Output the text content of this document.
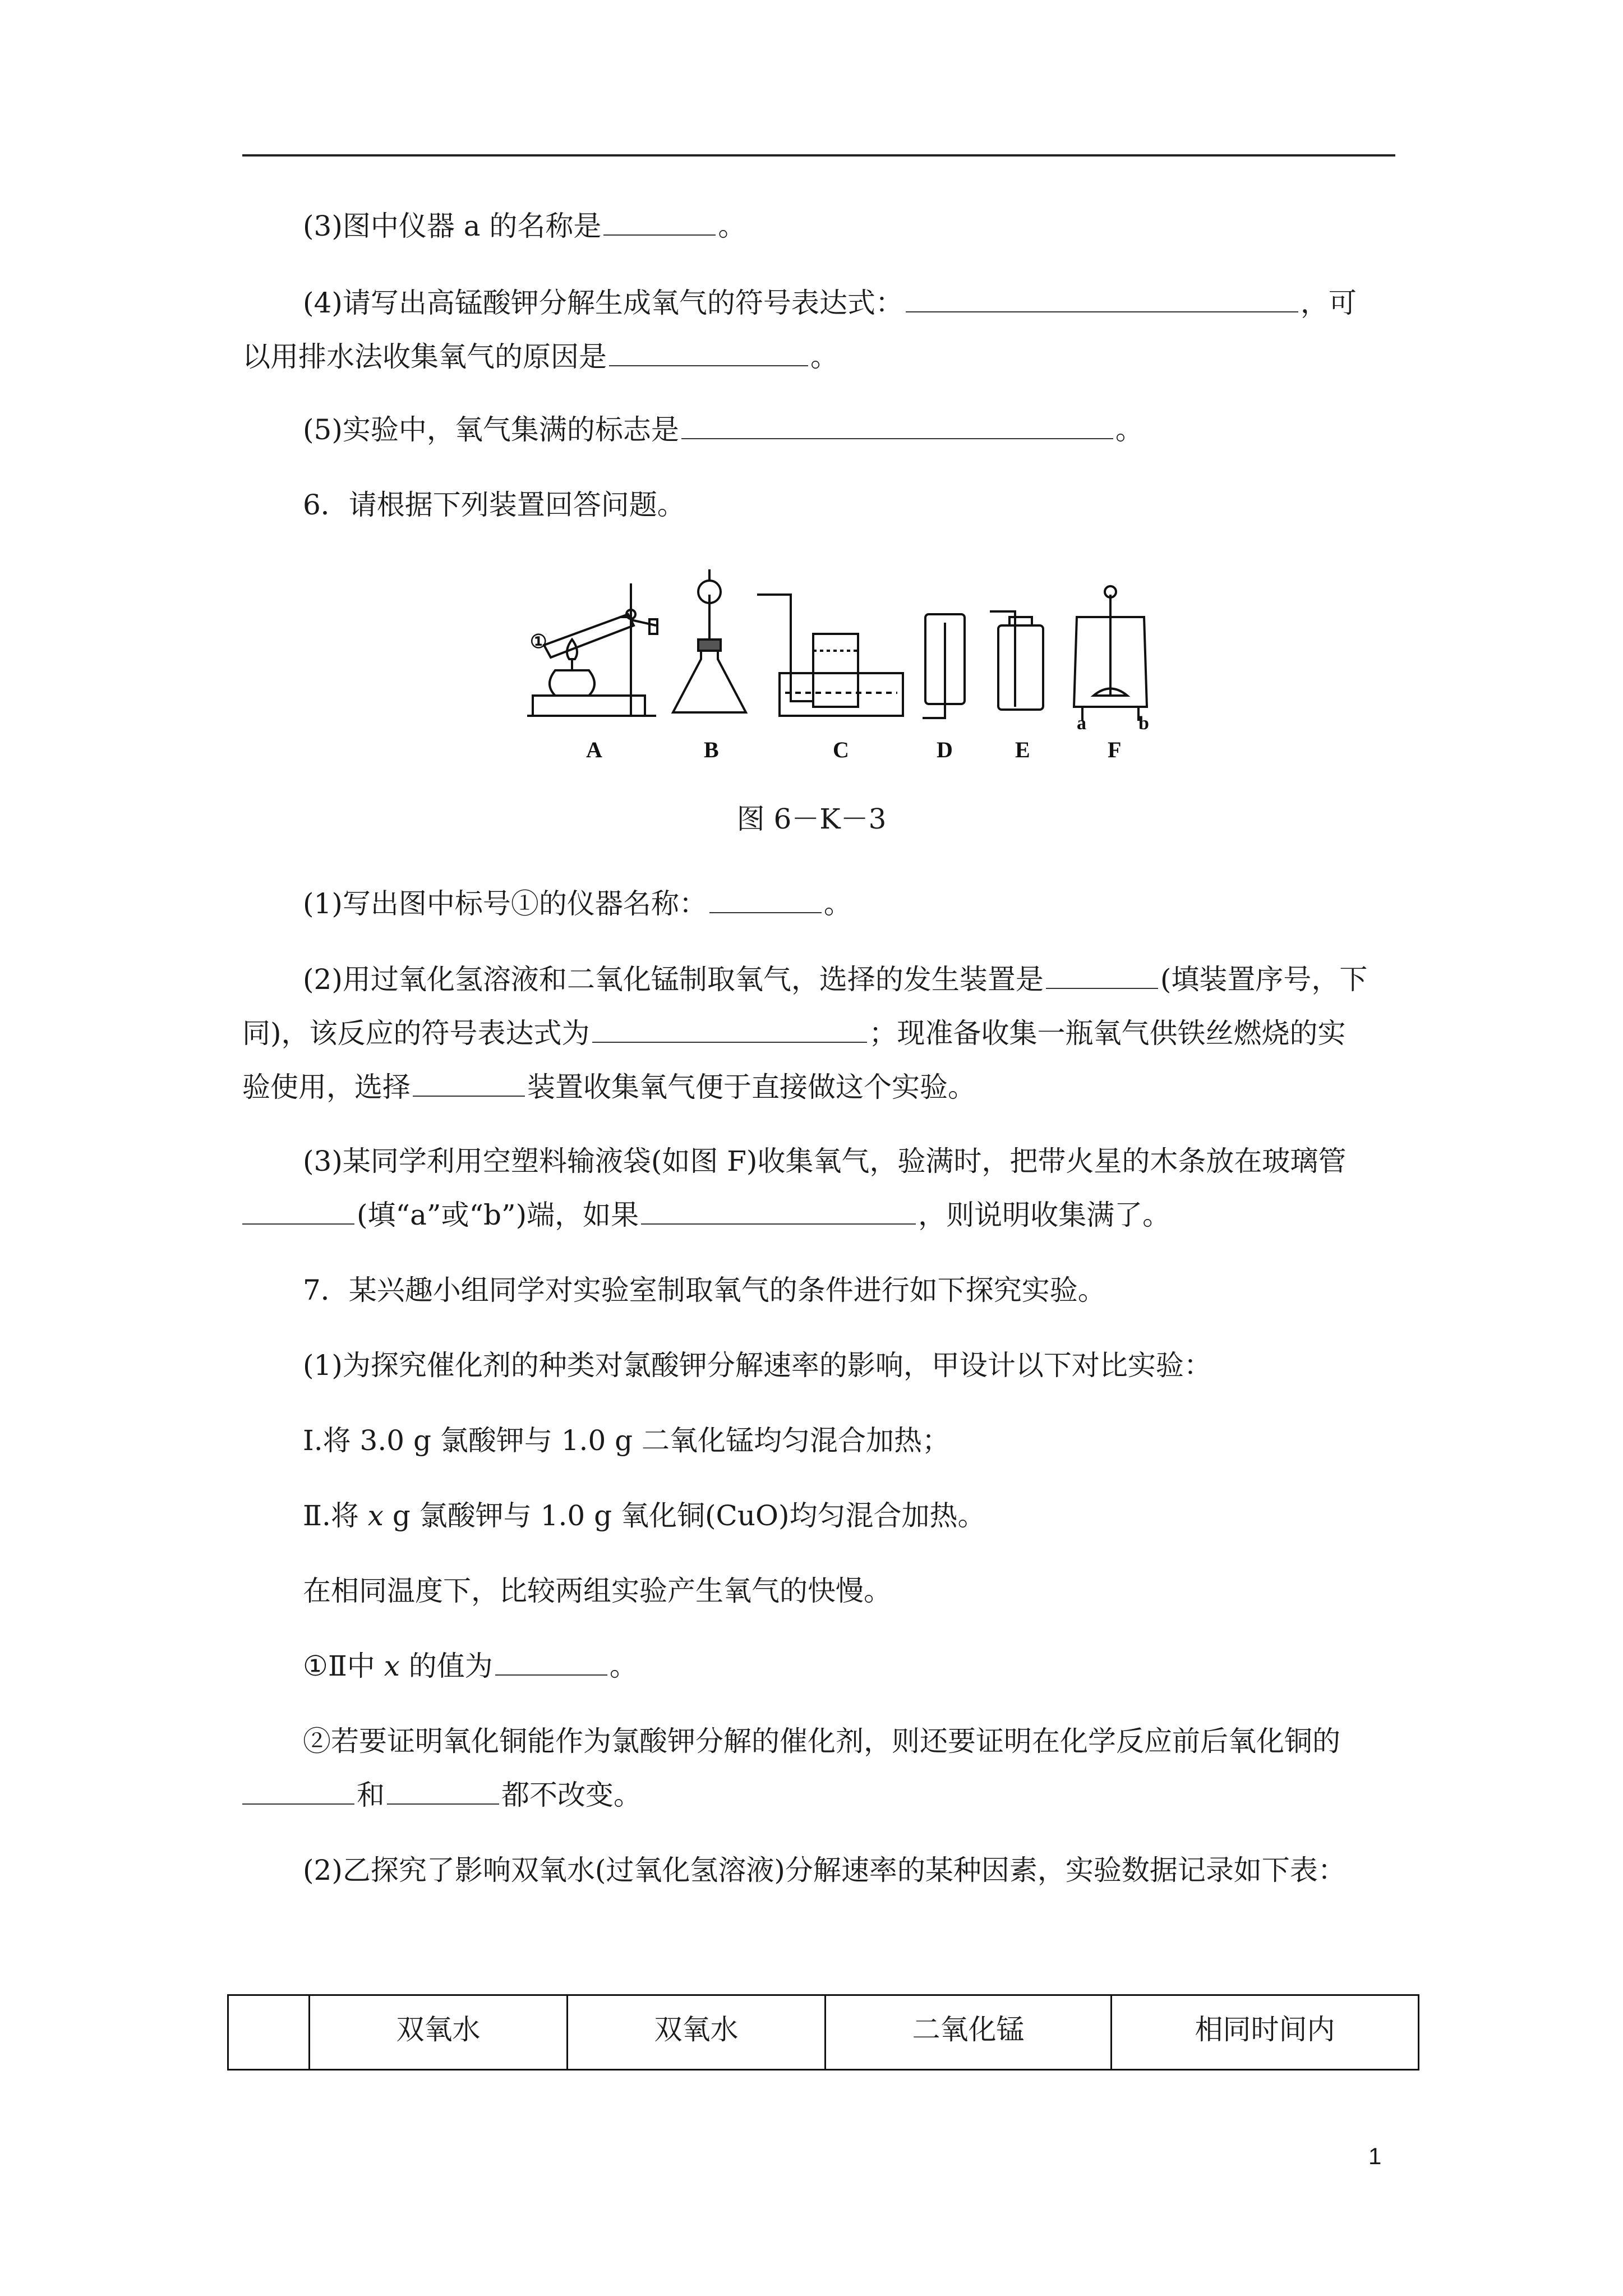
(3)图中仪器 a 的名称是	。
(4)请写出高锰酸钾分解生成氧气的符号表达式：	，可
以用排水法收集氧气的原因是	。
(5)实验中，氧气集满的标志是	。
6．请根据下列装置回答问题。
①
a	b
A	B	C	D	E	F
图 6－K－3
(1)写出图中标号①的仪器名称：	。
(2)用过氧化氢溶液和二氧化锰制取氧气，选择的发生装置是	(填装置序号，下
同)，该反应的符号表达式为	；现准备收集一瓶氧气供铁丝燃烧的实
验使用，选择	装置收集氧气便于直接做这个实验。
(3)某同学利用空塑料输液袋(如图 F)收集氧气，验满时，把带火星的木条放在玻璃管
(填“a”或“b”)端，如果	，则说明收集满了。
7．某兴趣小组同学对实验室制取氧气的条件进行如下探究实验。
(1)为探究催化剂的种类对氯酸钾分解速率的影响，甲设计以下对比实验：
Ⅰ.将 3.0 g 氯酸钾与 1.0 g 二氧化锰均匀混合加热；
Ⅱ.将 x g 氯酸钾与 1.0 g 氧化铜(CuO)均匀混合加热。
在相同温度下，比较两组实验产生氧气的快慢。
①Ⅱ中 x 的值为	。
②若要证明氧化铜能作为氯酸钾分解的催化剂，则还要证明在化学反应前后氧化铜的
和	都不改变。
(2)乙探究了影响双氧水(过氧化氢溶液)分解速率的某种因素，实验数据记录如下表：
	双氧水	双氧水	二氧化锰	相同时间内
1
